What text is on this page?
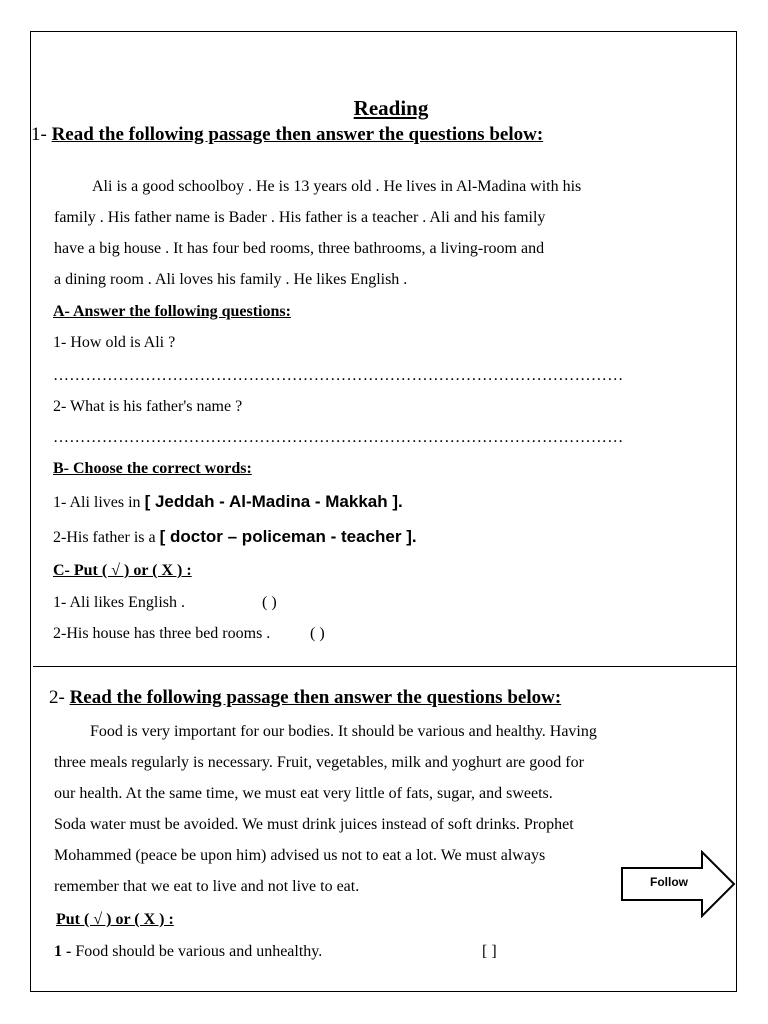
Reading
1- Read the following passage then answer the questions below:
Ali is a good schoolboy . He is 13 years old . He lives in Al-Madina with his
family . His father name is Bader . His father is a teacher . Ali and his family
have a big house . It has four bed rooms, three bathrooms, a living-room and
a dining room . Ali loves his family . He likes English .
A- Answer the following questions:
1- How old is Ali ?
……………………………………………………………………………………………
2- What is his father's name ?
……………………………………………………………………………………………
B- Choose the correct words:
1- Ali lives in [ Jeddah - Al-Madina - Makkah ].
2-His father is a [ doctor – policeman - teacher ].
C- Put ( √ ) or ( X ) :
1- Ali likes English .	( )
2-His house has three bed rooms . ( )
2- Read the following passage then answer the questions below:
Food is very important for our bodies. It should be various and healthy. Having
three meals regularly is necessary. Fruit, vegetables, milk and yoghurt are good for
our health. At the same time, we must eat very little of fats, sugar, and sweets.
Soda water must be avoided. We must drink juices instead of soft drinks. Prophet
Mohammed (peace be upon him) advised us not to eat a lot. We must always
remember that we eat to live and not live to eat.
Put ( √ ) or ( X ) :
1 - Food should be various and unhealthy.	[ ]
Follow
